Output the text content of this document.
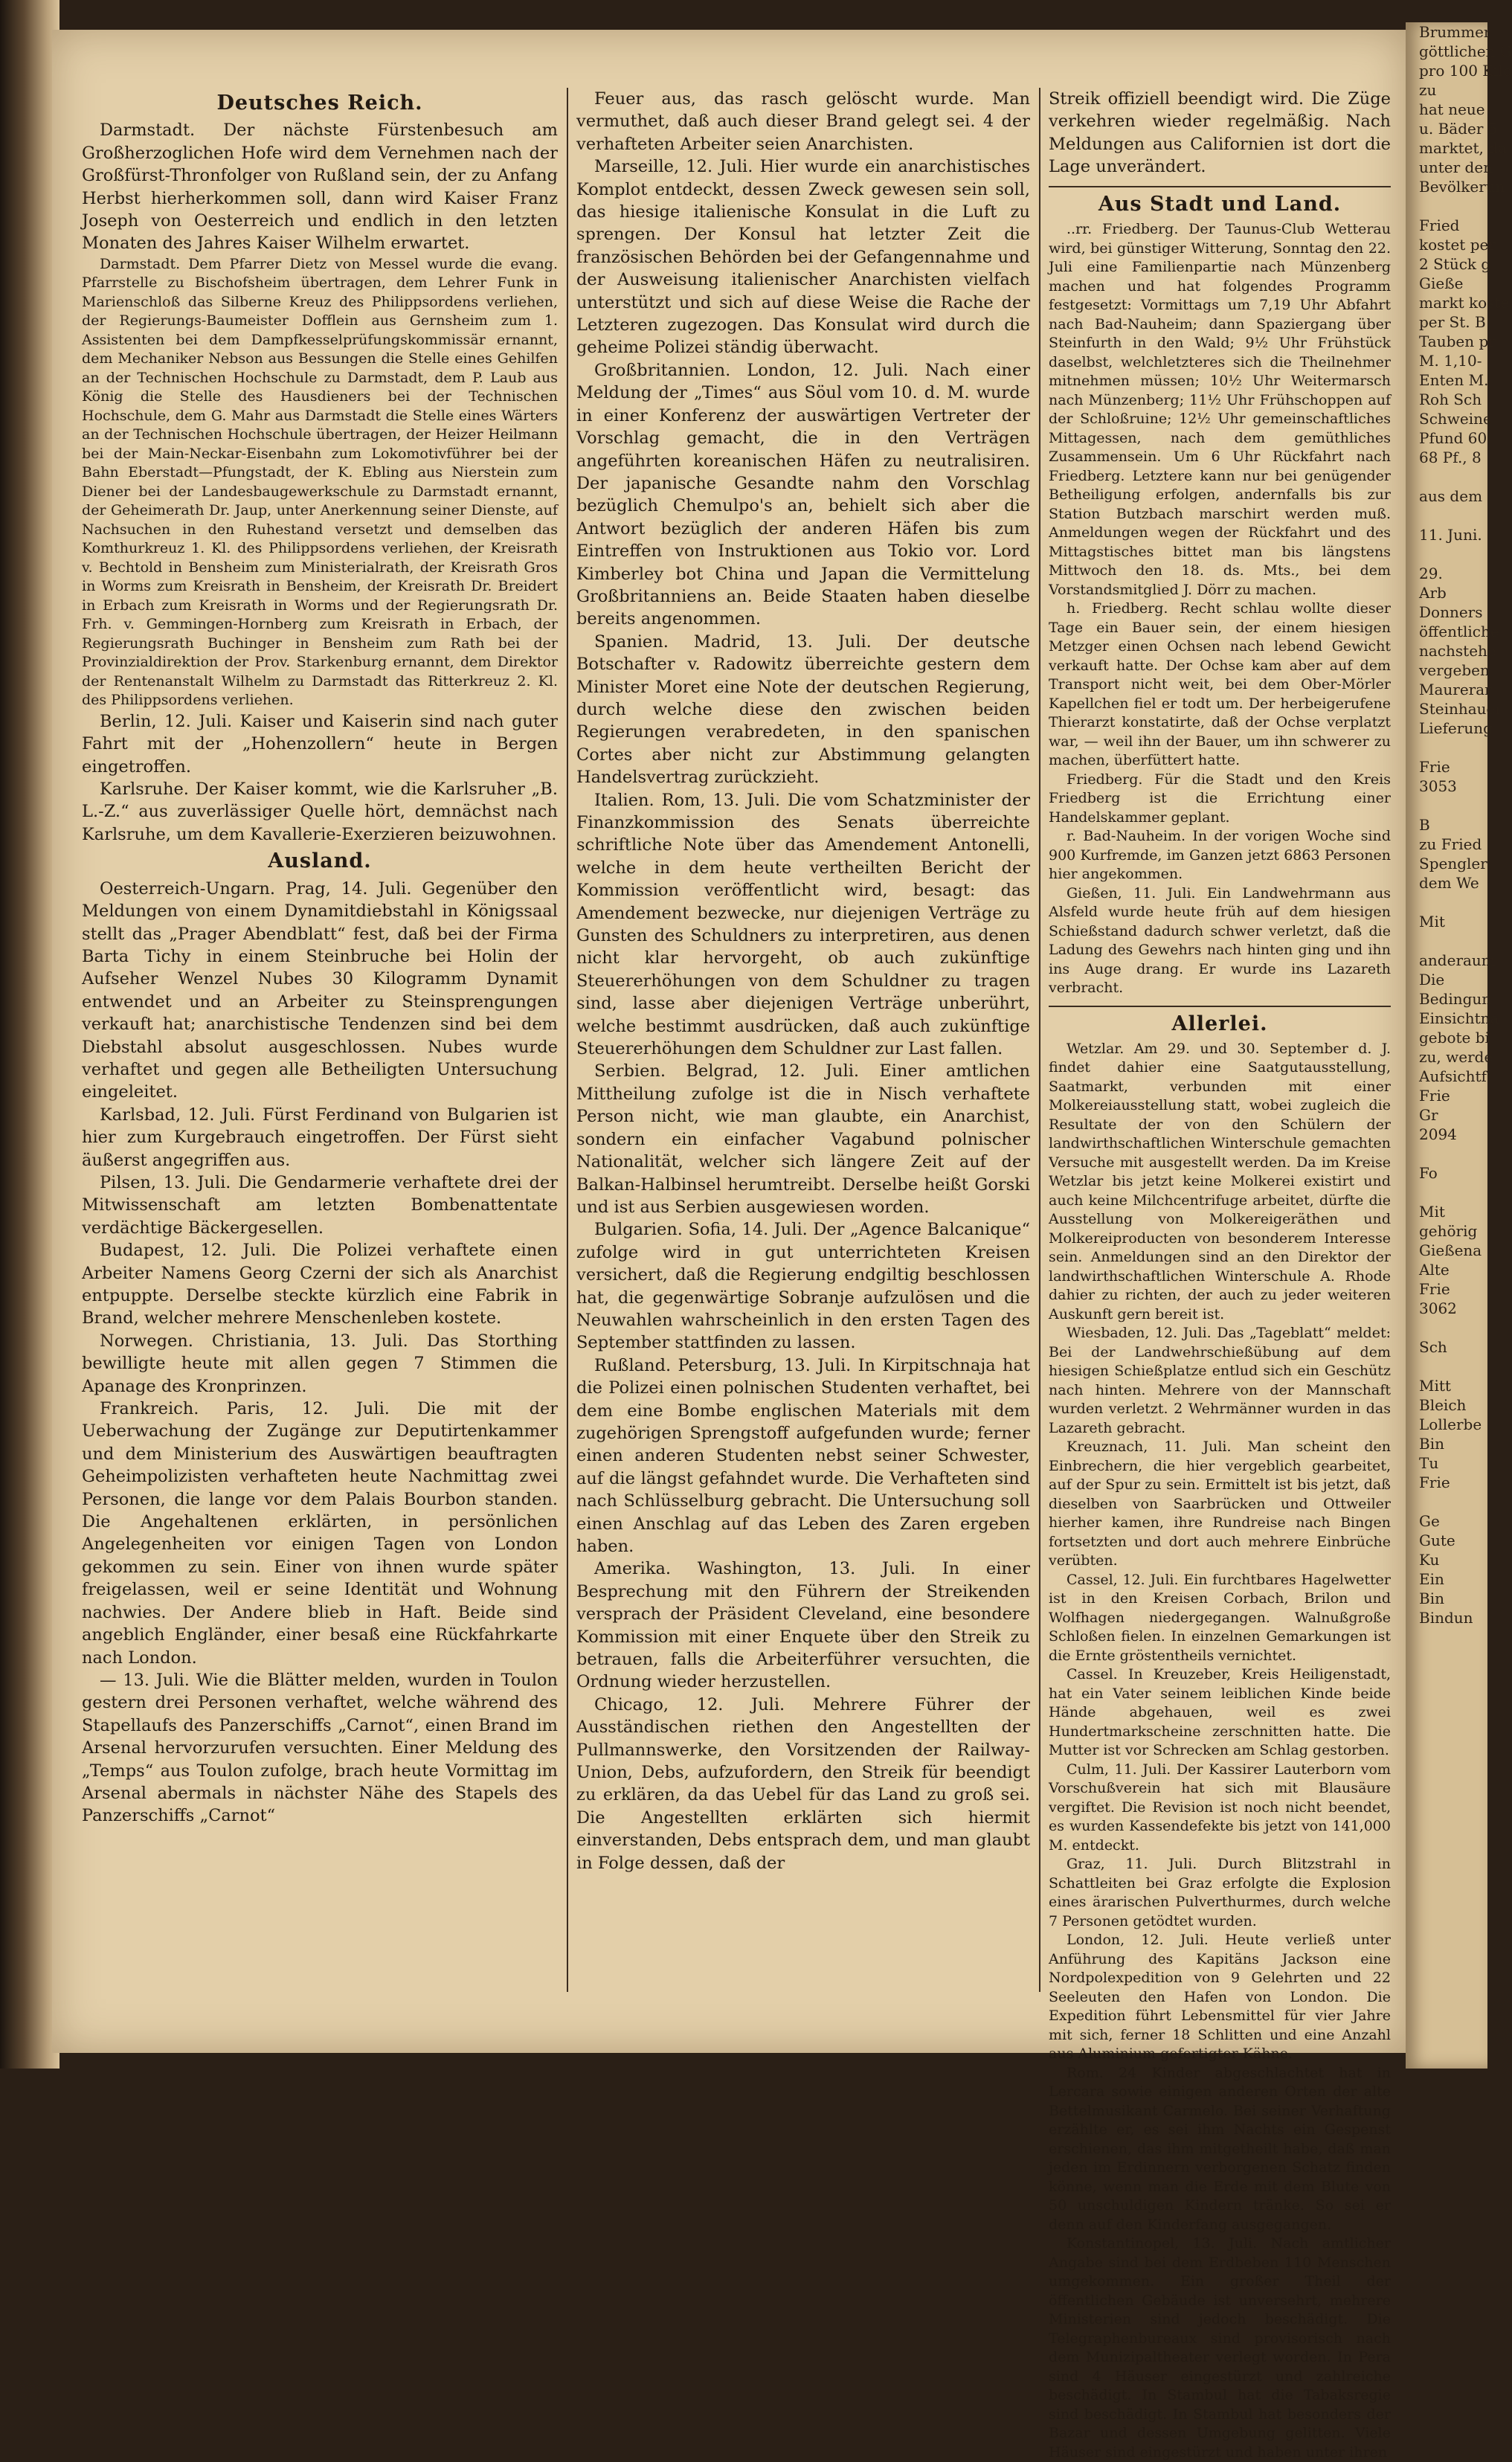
Deutsches Reich.

Darmstadt. Der nächste Fürstenbesuch am Großherzoglichen Hofe wird dem Vernehmen nach der Großfürst-Thronfolger von Rußland sein, der zu Anfang Herbst hierherkommen soll, dann wird Kaiser Franz Joseph von Oesterreich und endlich in den letzten Monaten des Jahres Kaiser Wilhelm erwartet.

Darmstadt. Dem Pfarrer Dietz von Messel wurde die evang. Pfarrstelle zu Bischofsheim übertragen, dem Lehrer Funk in Marienschloß das Silberne Kreuz des Philippsordens verliehen, der Regierungs-Baumeister Dofflein aus Gernsheim zum 1. Assistenten bei dem Dampfkesselprüfungskommissär ernannt, dem Mechaniker Nebson aus Bessungen die Stelle eines Gehilfen an der Technischen Hochschule zu Darmstadt, dem P. Laub aus König die Stelle des Hausdieners bei der Technischen Hochschule, dem G. Mahr aus Darmstadt die Stelle eines Wärters an der Technischen Hochschule übertragen, der Heizer Heilmann bei der Main-Neckar-Eisenbahn zum Lokomotivführer bei der Bahn Eberstadt—Pfungstadt, der K. Ebling aus Nierstein zum Diener bei der Landesbaugewerkschule zu Darmstadt ernannt, der Geheimerath Dr. Jaup, unter Anerkennung seiner Dienste, auf Nachsuchen in den Ruhestand versetzt und demselben das Komthurkreuz 1. Kl. des Philippsordens verliehen, der Kreisrath v. Bechtold in Bensheim zum Ministerialrath, der Kreisrath Gros in Worms zum Kreisrath in Bensheim, der Kreisrath Dr. Breidert in Erbach zum Kreisrath in Worms und der Regierungsrath Dr. Frh. v. Gemmingen-Hornberg zum Kreisrath in Erbach, der Regierungsrath Buchinger in Bensheim zum Rath bei der Provinzialdirektion der Prov. Starkenburg ernannt, dem Direktor der Rentenanstalt Wilhelm zu Darmstadt das Ritterkreuz 2. Kl. des Philippsordens verliehen.

Berlin, 12. Juli. Kaiser und Kaiserin sind nach guter Fahrt mit der „Hohenzollern“ heute in Bergen eingetroffen.

Karlsruhe. Der Kaiser kommt, wie die Karlsruher „B. L.-Z.“ aus zuverlässiger Quelle hört, demnächst nach Karlsruhe, um dem Kavallerie-Exerzieren beizuwohnen.

Ausland.

Oesterreich-Ungarn. Prag, 14. Juli. Gegenüber den Meldungen von einem Dynamitdiebstahl in Königssaal stellt das „Prager Abendblatt“ fest, daß bei der Firma Barta Tichy in einem Steinbruche bei Holin der Aufseher Wenzel Nubes 30 Kilogramm Dynamit entwendet und an Arbeiter zu Steinsprengungen verkauft hat; anarchistische Tendenzen sind bei dem Diebstahl absolut ausgeschlossen. Nubes wurde verhaftet und gegen alle Betheiligten Untersuchung eingeleitet.

Karlsbad, 12. Juli. Fürst Ferdinand von Bulgarien ist hier zum Kurgebrauch eingetroffen. Der Fürst sieht äußerst angegriffen aus.

Pilsen, 13. Juli. Die Gendarmerie verhaftete drei der Mitwissenschaft am letzten Bombenattentate verdächtige Bäckergesellen.

Budapest, 12. Juli. Die Polizei verhaftete einen Arbeiter Namens Georg Czerni der sich als Anarchist entpuppte. Derselbe steckte kürzlich eine Fabrik in Brand, welcher mehrere Menschenleben kostete.

Norwegen. Christiania, 13. Juli. Das Storthing bewilligte heute mit allen gegen 7 Stimmen die Apanage des Kronprinzen.

Frankreich. Paris, 12. Juli. Die mit der Ueberwachung der Zugänge zur Deputirtenkammer und dem Ministerium des Auswärtigen beauftragten Geheimpolizisten verhafteten heute Nachmittag zwei Personen, die lange vor dem Palais Bourbon standen. Die Angehaltenen erklärten, in persönlichen Angelegenheiten vor einigen Tagen von London gekommen zu sein. Einer von ihnen wurde später freigelassen, weil er seine Identität und Wohnung nachwies. Der Andere blieb in Haft. Beide sind angeblich Engländer, einer besaß eine Rückfahrkarte nach London.

— 13. Juli. Wie die Blätter melden, wurden in Toulon gestern drei Personen verhaftet, welche während des Stapellaufs des Panzerschiffs „Carnot“, einen Brand im Arsenal hervorzurufen versuchten. Einer Meldung des „Temps“ aus Toulon zufolge, brach heute Vormittag im Arsenal abermals in nächster Nähe des Stapels des Panzerschiffs „Carnot“

Feuer aus, das rasch gelöscht wurde. Man vermuthet, daß auch dieser Brand gelegt sei. 4 der verhafteten Arbeiter seien Anarchisten.

Marseille, 12. Juli. Hier wurde ein anarchistisches Komplot entdeckt, dessen Zweck gewesen sein soll, das hiesige italienische Konsulat in die Luft zu sprengen. Der Konsul hat letzter Zeit die französischen Behörden bei der Gefangennahme und der Ausweisung italienischer Anarchisten vielfach unterstützt und sich auf diese Weise die Rache der Letzteren zugezogen. Das Konsulat wird durch die geheime Polizei ständig überwacht.

Großbritannien. London, 12. Juli. Nach einer Meldung der „Times“ aus Söul vom 10. d. M. wurde in einer Konferenz der auswärtigen Vertreter der Vorschlag gemacht, die in den Verträgen angeführten koreanischen Häfen zu neutralisiren. Der japanische Gesandte nahm den Vorschlag bezüglich Chemulpo's an, behielt sich aber die Antwort bezüglich der anderen Häfen bis zum Eintreffen von Instruktionen aus Tokio vor. Lord Kimberley bot China und Japan die Vermittelung Großbritanniens an. Beide Staaten haben dieselbe bereits angenommen.

Spanien. Madrid, 13. Juli. Der deutsche Botschafter v. Radowitz überreichte gestern dem Minister Moret eine Note der deutschen Regierung, durch welche diese den zwischen beiden Regierungen verabredeten, in den spanischen Cortes aber nicht zur Abstimmung gelangten Handelsvertrag zurückzieht.

Italien. Rom, 13. Juli. Die vom Schatzminister der Finanzkommission des Senats überreichte schriftliche Note über das Amendement Antonelli, welche in dem heute vertheilten Bericht der Kommission veröffentlicht wird, besagt: das Amendement bezwecke, nur diejenigen Verträge zu Gunsten des Schuldners zu interpretiren, aus denen nicht klar hervorgeht, ob auch zukünftige Steuererhöhungen von dem Schuldner zu tragen sind, lasse aber diejenigen Verträge unberührt, welche bestimmt ausdrücken, daß auch zukünftige Steuererhöhungen dem Schuldner zur Last fallen.

Serbien. Belgrad, 12. Juli. Einer amtlichen Mittheilung zufolge ist die in Nisch verhaftete Person nicht, wie man glaubte, ein Anarchist, sondern ein einfacher Vagabund polnischer Nationalität, welcher sich längere Zeit auf der Balkan-Halbinsel herumtreibt. Derselbe heißt Gorski und ist aus Serbien ausgewiesen worden.

Bulgarien. Sofia, 14. Juli. Der „Agence Balcanique“ zufolge wird in gut unterrichteten Kreisen versichert, daß die Regierung endgiltig beschlossen hat, die gegenwärtige Sobranje aufzulösen und die Neuwahlen wahrscheinlich in den ersten Tagen des September stattfinden zu lassen.

Rußland. Petersburg, 13. Juli. In Kirpitschnaja hat die Polizei einen polnischen Studenten verhaftet, bei dem eine Bombe englischen Materials mit dem zugehörigen Sprengstoff aufgefunden wurde; ferner einen anderen Studenten nebst seiner Schwester, auf die längst gefahndet wurde. Die Verhafteten sind nach Schlüsselburg gebracht. Die Untersuchung soll einen Anschlag auf das Leben des Zaren ergeben haben.

Amerika. Washington, 13. Juli. In einer Besprechung mit den Führern der Streikenden versprach der Präsident Cleveland, eine besondere Kommission mit einer Enquete über den Streik zu betrauen, falls die Arbeiterführer versuchten, die Ordnung wieder herzustellen.

Chicago, 12. Juli. Mehrere Führer der Ausständischen riethen den Angestellten der Pullmannswerke, den Vorsitzenden der Railway-Union, Debs, aufzufordern, den Streik für beendigt zu erklären, da das Uebel für das Land zu groß sei. Die Angestellten erklärten sich hiermit einverstanden, Debs entsprach dem, und man glaubt in Folge dessen, daß der

Streik offiziell beendigt wird. Die Züge verkehren wieder regelmäßig. Nach Meldungen aus Californien ist dort die Lage unverändert.

Aus Stadt und Land.

..rr. Friedberg. Der Taunus-Club Wetterau wird, bei günstiger Witterung, Sonntag den 22. Juli eine Familienpartie nach Münzenberg machen und hat folgendes Programm festgesetzt: Vormittags um 7,19 Uhr Abfahrt nach Bad-Nauheim; dann Spaziergang über Steinfurth in den Wald; 9½ Uhr Frühstück daselbst, welchletzteres sich die Theilnehmer mitnehmen müssen; 10½ Uhr Weitermarsch nach Münzenberg; 11½ Uhr Frühschoppen auf der Schloßruine; 12½ Uhr gemeinschaftliches Mittagessen, nach dem gemüthliches Zusammensein. Um 6 Uhr Rückfahrt nach Friedberg. Letztere kann nur bei genügender Betheiligung erfolgen, andernfalls bis zur Station Butzbach marschirt werden muß. Anmeldungen wegen der Rückfahrt und des Mittagstisches bittet man bis längstens Mittwoch den 18. ds. Mts., bei dem Vorstandsmitglied J. Dörr zu machen.

h. Friedberg. Recht schlau wollte dieser Tage ein Bauer sein, der einem hiesigen Metzger einen Ochsen nach lebend Gewicht verkauft hatte. Der Ochse kam aber auf dem Transport nicht weit, bei dem Ober-Mörler Kapellchen fiel er todt um. Der herbeigerufene Thierarzt konstatirte, daß der Ochse verplatzt war, — weil ihn der Bauer, um ihn schwerer zu machen, überfüttert hatte.

Friedberg. Für die Stadt und den Kreis Friedberg ist die Errichtung einer Handelskammer geplant.

r. Bad-Nauheim. In der vorigen Woche sind 900 Kurfremde, im Ganzen jetzt 6863 Personen hier angekommen.

Gießen, 11. Juli. Ein Landwehrmann aus Alsfeld wurde heute früh auf dem hiesigen Schießstand dadurch schwer verletzt, daß die Ladung des Gewehrs nach hinten ging und ihn ins Auge drang. Er wurde ins Lazareth verbracht.

Allerlei.

Wetzlar. Am 29. und 30. September d. J. findet dahier eine Saatgutausstellung, Saatmarkt, verbunden mit einer Molkereiausstellung statt, wobei zugleich die Resultate der von den Schülern der landwirthschaftlichen Winterschule gemachten Versuche mit ausgestellt werden. Da im Kreise Wetzlar bis jetzt keine Molkerei existirt und auch keine Milchcentrifuge arbeitet, dürfte die Ausstellung von Molkereigeräthen und Molkereiproducten von besonderem Interesse sein. Anmeldungen sind an den Direktor der landwirthschaftlichen Winterschule A. Rhode dahier zu richten, der auch zu jeder weiteren Auskunft gern bereit ist.

Wiesbaden, 12. Juli. Das „Tageblatt“ meldet: Bei der Landwehrschießübung auf dem hiesigen Schießplatze entlud sich ein Geschütz nach hinten. Mehrere von der Mannschaft wurden verletzt. 2 Wehrmänner wurden in das Lazareth gebracht.

Kreuznach, 11. Juli. Man scheint den Einbrechern, die hier vergeblich gearbeitet, auf der Spur zu sein. Ermittelt ist bis jetzt, daß dieselben von Saarbrücken und Ottweiler hierher kamen, ihre Rundreise nach Bingen fortsetzten und dort auch mehrere Einbrüche verübten.

Cassel, 12. Juli. Ein furchtbares Hagelwetter ist in den Kreisen Corbach, Brilon und Wolfhagen niedergegangen. Walnußgroße Schloßen fielen. In einzelnen Gemarkungen ist die Ernte gröstentheils vernichtet.

Cassel. In Kreuzeber, Kreis Heiligenstadt, hat ein Vater seinem leiblichen Kinde beide Hände abgehauen, weil es zwei Hundertmarkscheine zerschnitten hatte. Die Mutter ist vor Schrecken am Schlag gestorben.

Culm, 11. Juli. Der Kassirer Lauterborn vom Vorschußverein hat sich mit Blausäure vergiftet. Die Revision ist noch nicht beendet, es wurden Kassendefekte bis jetzt von 141,000 M. entdeckt.

Graz, 11. Juli. Durch Blitzstrahl in Schattleiten bei Graz erfolgte die Explosion eines ärarischen Pulverthurmes, durch welche 7 Personen getödtet wurden.

London, 12. Juli. Heute verließ unter Anführung des Kapitäns Jackson eine Nordpolexpedition von 9 Gelehrten und 22 Seeleuten den Hafen von London. Die Expedition führt Lebensmittel für vier Jahre mit sich, ferner 18 Schlitten und eine Anzahl aus Aluminium gefertigter Kähne.

Rom. 24 Kinder abgeschlachtet hat in Lercara sowie einigen anderen Orten der alte Bettelmusikant Carmelo. Bei seiner Verhaftung erzählte er, es sei ihm Nachts ein Gespenst erschienen, das ihm mitgetheilt habe, daß man jeden im Erdinnern verborgenen Schatz finden könne, wenn man die Erde mit dem Blute von 50 unschuldigen Kindern tränke. So sei er denn auf den Kinderfang ausgegangen.

Konstantinopel, 13. Juli. Nach amtlicher Angabe sind bei dem Erdbeben 110 Menschen umgekommen. Ein großer Theil der öffentlichen Gebäude ist unversehrt, mehrere Ministerien sind jedoch beschädigt. Die Telegraphenbureaux sind provisorisch nach dem Munizipaltheater verlegt worden. In Pera sind 4 Häuser eingestürzt und zahlreiche beschädigt. In Stambul hat die Tabaksregie sind beschädigt. In Stambul hat besonders der Bazar und dessen Umgebung gelitten. Viele Häuser sind eingestürzt und haben unter ihren

Brummer
göttlichen G
pro 100 Kilo
zu
hat neue
u. Bäder 5
marktet, da
unter den
Bevölkerun

Fried
kostet per
2 Stück g
Gieße
markt koste
per St. B
Tauben pr
M. 1,10-
Enten M.
Roh Sch
Schweine
Pfund 60
68 Pf., 8

aus dem

11. Juni.

29.
Arb
Donners
öffentliche
nachstehe
vergeben
Maurerar
Steinhauer
Lieferung

Frie
3053

B
zu Fried
Spengler
dem We

Mit

anderaum
Die
Bedingun
Einsichtna
gebote bi
zu, werde
Aufsichtf
Frie
Gr
2094

Fo

Mit
gehörig
Gießena
Alte
Frie
3062

Sch

Mitt
Bleich
Lollerbe
Bin
Tu
Frie

Ge
Gute
Ku
Ein
Bin
Bindun
